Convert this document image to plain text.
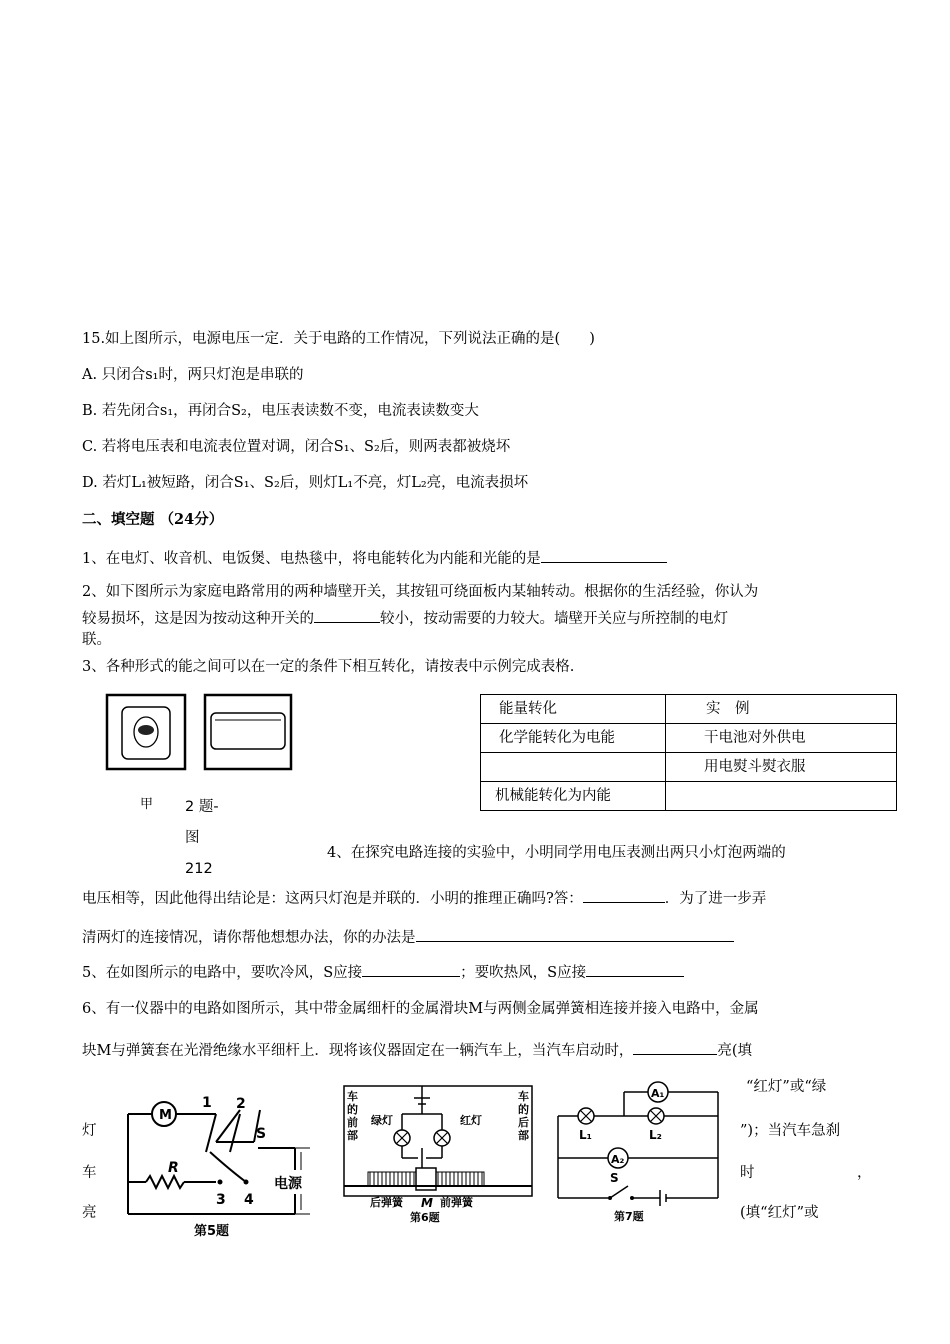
15.如上图所示，电源电压一定．关于电路的工作情况，下列说法正确的是(　　)
A. 只闭合s₁时，两只灯泡是串联的
B. 若先闭合s₁，再闭合S₂，电压表读数不变，电流表读数变大
C. 若将电压表和电流表位置对调，闭合S₁、S₂后，则两表都被烧坏
D. 若灯L₁被短路，闭合S₁、S₂后，则灯L₁不亮，灯L₂亮，电流表损坏
二、填空题 （24分）
1、在电灯、收音机、电饭煲、电热毯中，将电能转化为内能和光能的是
2、如下图所示为家庭电路常用的两种墙壁开关，其按钮可绕面板内某轴转动。根据你的生活经验，你认为
较易损坏，这是因为按动这种开关的	较小，按动需要的力较大。墙壁开关应与所控制的电灯
联。
3、各种形式的能之间可以在一定的条件下相互转化，请按表中示例完成表格.
甲 2 题-
图
212
能量转化	实　例
化学能转化为电能	干电池对外供电
	用电熨斗熨衣服
机械能转化为内能	
4、在探究电路连接的实验中，小明同学用电压表测出两只小灯泡两端的
电压相等，因此他得出结论是：这两只灯泡是并联的．小明的推理正确吗?答：	．为了进一步弄
清两灯的连接情况，请你帮他想想办法，你的办法是
5、在如图所示的电路中，要吹冷风，S应接	；要吹热风，S应接
6、有一仪器中的电路如图所示，其中带金属细杆的金属滑块M与两侧金属弹簧相连接并接入电路中，金属
块M与弹簧套在光滑绝缘水平细杆上．现将该仪器固定在一辆汽车上，当汽车启动时，	亮(填
“红灯”或“绿
灯	”)；当汽车急刹
车	时	，
亮	(填“红灯”或
M
1 2
S
R
3 4
电源
第5题
车
的
前
部
车
的
后
部
绿灯	红灯
后弹簧 M 前弹簧
第6题
A₁
L₁	L₂
A₂
S
第7题
